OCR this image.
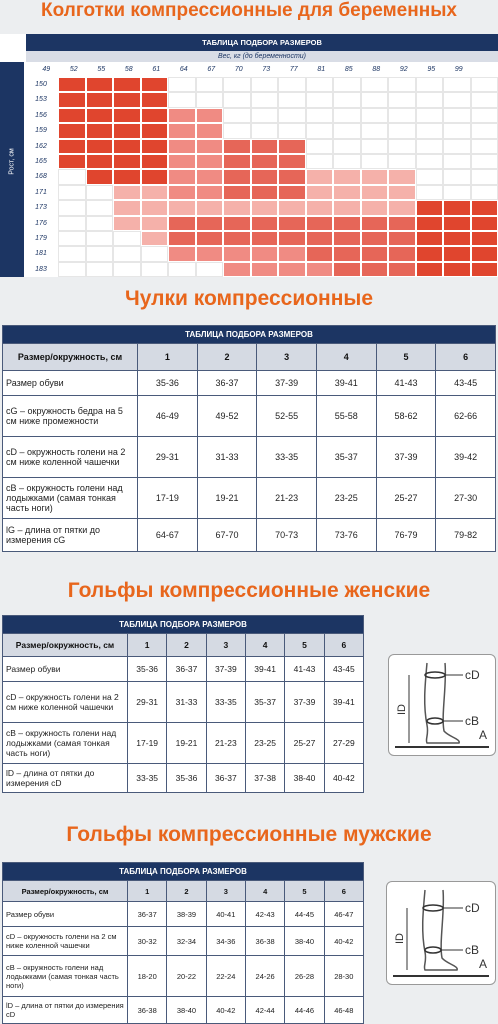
Колготки компрессионные для беременных
ТАБЛИЦА ПОДБОРА РАЗМЕРОВ
Вес, кг (до беременности)
Рост, см
49	52	55	58	61	64	67	70	73	77	81	85	88	92	95	99
150
153
156
159
162
165
168
171
173
176
179
181
183
Чулки компрессионные
ТАБЛИЦА ПОДБОРА РАЗМЕРОВ						
Размер/окружность, см	1	2	3	4	5	6
Размер обуви	35-36	36-37	37-39	39-41	41-43	43-45
cG – окружность бедра на 5 см ниже промежности	46-49	49-52	52-55	55-58	58-62	62-66
cD – окружность голени на 2 см ниже коленной чашечки	29-31	31-33	33-35	35-37	37-39	39-42
cB – окружность голени над лодыжками (самая тонкая часть ноги)	17-19	19-21	21-23	23-25	25-27	27-30
lG – длина от пятки до измерения cG	64-67	67-70	70-73	73-76	76-79	79-82
Гольфы компрессионные женские
ТАБЛИЦА ПОДБОРА РАЗМЕРОВ						
Размер/окружность, см	1	2	3	4	5	6
Размер обуви	35-36	36-37	37-39	39-41	41-43	43-45
cD – окружность голени на 2 см ниже коленной чашечки	29-31	31-33	33-35	35-37	37-39	39-41
cB – окружность голени над лодыжками (самая тонкая часть ноги)	17-19	19-21	21-23	23-25	25-27	27-29
lD – длина от пятки до измерения cD	33-35	35-36	36-37	37-38	38-40	40-42
Гольфы компрессионные мужские
ТАБЛИЦА ПОДБОРА РАЗМЕРОВ						
Размер/окружность, см	1	2	3	4	5	6
Размер обуви	36-37	38-39	40-41	42-43	44-45	46-47
cD – окружность голени на 2 см ниже коленной чашечки	30-32	32-34	34-36	36-38	38-40	40-42
cB – окружность голени над лодыжками (самая тонкая часть ноги)	18-20	20-22	22-24	24-26	26-28	28-30
lD – длина от пятки до измерения cD	36-38	38-40	40-42	42-44	44-46	46-48
cD
cB
A
ID
cD
cB
A
ID
